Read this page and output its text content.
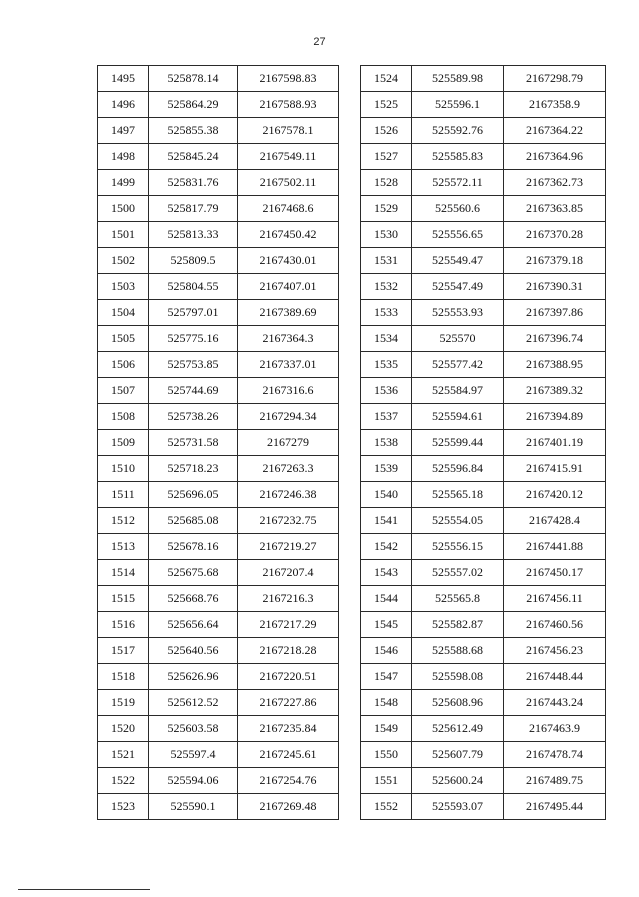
27
1495	525878.14	2167598.83
1496	525864.29	2167588.93
1497	525855.38	2167578.1
1498	525845.24	2167549.11
1499	525831.76	2167502.11
1500	525817.79	2167468.6
1501	525813.33	2167450.42
1502	525809.5	2167430.01
1503	525804.55	2167407.01
1504	525797.01	2167389.69
1505	525775.16	2167364.3
1506	525753.85	2167337.01
1507	525744.69	2167316.6
1508	525738.26	2167294.34
1509	525731.58	2167279
1510	525718.23	2167263.3
1511	525696.05	2167246.38
1512	525685.08	2167232.75
1513	525678.16	2167219.27
1514	525675.68	2167207.4
1515	525668.76	2167216.3
1516	525656.64	2167217.29
1517	525640.56	2167218.28
1518	525626.96	2167220.51
1519	525612.52	2167227.86
1520	525603.58	2167235.84
1521	525597.4	2167245.61
1522	525594.06	2167254.76
1523	525590.1	2167269.48
1524	525589.98	2167298.79
1525	525596.1	2167358.9
1526	525592.76	2167364.22
1527	525585.83	2167364.96
1528	525572.11	2167362.73
1529	525560.6	2167363.85
1530	525556.65	2167370.28
1531	525549.47	2167379.18
1532	525547.49	2167390.31
1533	525553.93	2167397.86
1534	525570	2167396.74
1535	525577.42	2167388.95
1536	525584.97	2167389.32
1537	525594.61	2167394.89
1538	525599.44	2167401.19
1539	525596.84	2167415.91
1540	525565.18	2167420.12
1541	525554.05	2167428.4
1542	525556.15	2167441.88
1543	525557.02	2167450.17
1544	525565.8	2167456.11
1545	525582.87	2167460.56
1546	525588.68	2167456.23
1547	525598.08	2167448.44
1548	525608.96	2167443.24
1549	525612.49	2167463.9
1550	525607.79	2167478.74
1551	525600.24	2167489.75
1552	525593.07	2167495.44
